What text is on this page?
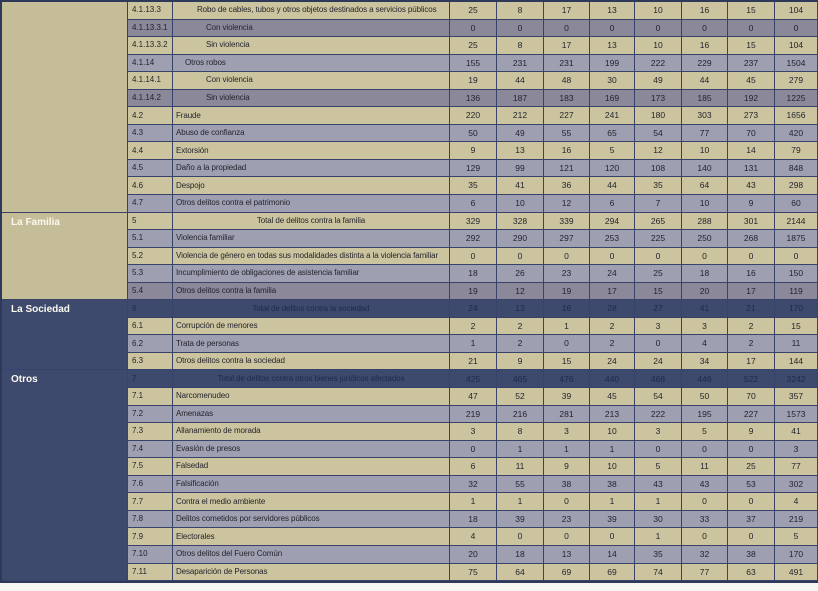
4.1.13.3	Robo de cables, tubos y otros objetos destinados a servicios públicos	25	8	17	13	10	16	15	104
4.1.13.3.1	Con violencia	0	0	0	0	0	0	0	0
4.1.13.3.2	Sin violencia	25	8	17	13	10	16	15	104
4.1.14	Otros robos	155	231	231	199	222	229	237	1504
4.1.14.1	Con violencia	19	44	48	30	49	44	45	279
4.1.14.2	Sin violencia	136	187	183	169	173	185	192	1225
4.2	Fraude	220	212	227	241	180	303	273	1656
4.3	Abuso de confianza	50	49	55	65	54	77	70	420
4.4	Extorsión	9	13	16	5	12	10	14	79
4.5	Daño a la propiedad	129	99	121	120	108	140	131	848
4.6	Despojo	35	41	36	44	35	64	43	298
4.7	Otros delitos contra el patrimonio	6	10	12	6	7	10	9	60
La Familia	5	Total de delitos contra la familia	329	328	339	294	265	288	301	2144
5.1	Violencia familiar	292	290	297	253	225	250	268	1875
5.2	Violencia de género en todas sus modalidades distinta a la violencia familiar	0	0	0	0	0	0	0	0
5.3	Incumplimiento de obligaciones de asistencia familiar	18	26	23	24	25	18	16	150
5.4	Otros delitos contra la familia	19	12	19	17	15	20	17	119
La Sociedad	6	Total de delitos contra la sociedad	24	13	16	28	27	41	21	170
6.1	Corrupción de menores	2	2	1	2	3	3	2	15
6.2	Trata de personas	1	2	0	2	0	4	2	11
6.3	Otros delitos contra la sociedad	21	9	15	24	24	34	17	144
Otros	7	Total de delitos contra otros bienes jurídicos afectados	425	465	476	440	468	446	522	3242
7.1	Narcomenudeo	47	52	39	45	54	50	70	357
7.2	Amenazas	219	216	281	213	222	195	227	1573
7.3	Allanamiento de morada	3	8	3	10	3	5	9	41
7.4	Evasión de presos	0	1	1	1	0	0	0	3
7.5	Falsedad	6	11	9	10	5	11	25	77
7.6	Falsificación	32	55	38	38	43	43	53	302
7.7	Contra el medio ambiente	1	1	0	1	1	0	0	4
7.8	Delitos cometidos por servidores públicos	18	39	23	39	30	33	37	219
7.9	Electorales	4	0	0	0	1	0	0	5
7.10	Otros delitos del Fuero Común	20	18	13	14	35	32	38	170
7.11	Desaparición de Personas	75	64	69	69	74	77	63	491
